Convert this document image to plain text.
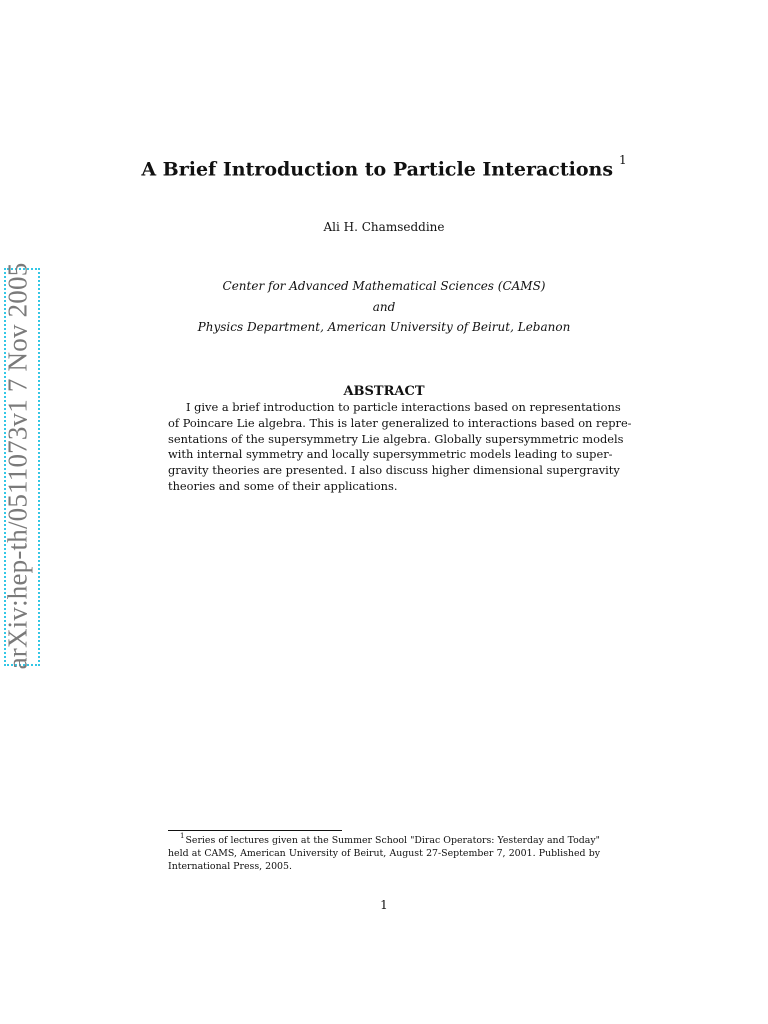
arXiv:hep-th/0511073v1 7 Nov 2005
A Brief Introduction to Particle Interactions $^1$
Ali H. Chamseddine
Center for Advanced Mathematical Sciences (CAMS)
and
Physics Department, American University of Beirut, Lebanon
ABSTRACT
I give a brief introduction to particle interactions based on representations
of Poincare Lie algebra. This is later generalized to interactions based on repre-
sentations of the supersymmetry Lie algebra. Globally supersymmetric models
with internal symmetry and locally supersymmetric models leading to super-
gravity theories are presented. I also discuss higher dimensional supergravity
theories and some of their applications.
$^1$Series of lectures given at the Summer School "Dirac Operators: Yesterday and Today"
held at CAMS, American University of Beirut, August 27-September 7, 2001. Published by
International Press, 2005.
1
